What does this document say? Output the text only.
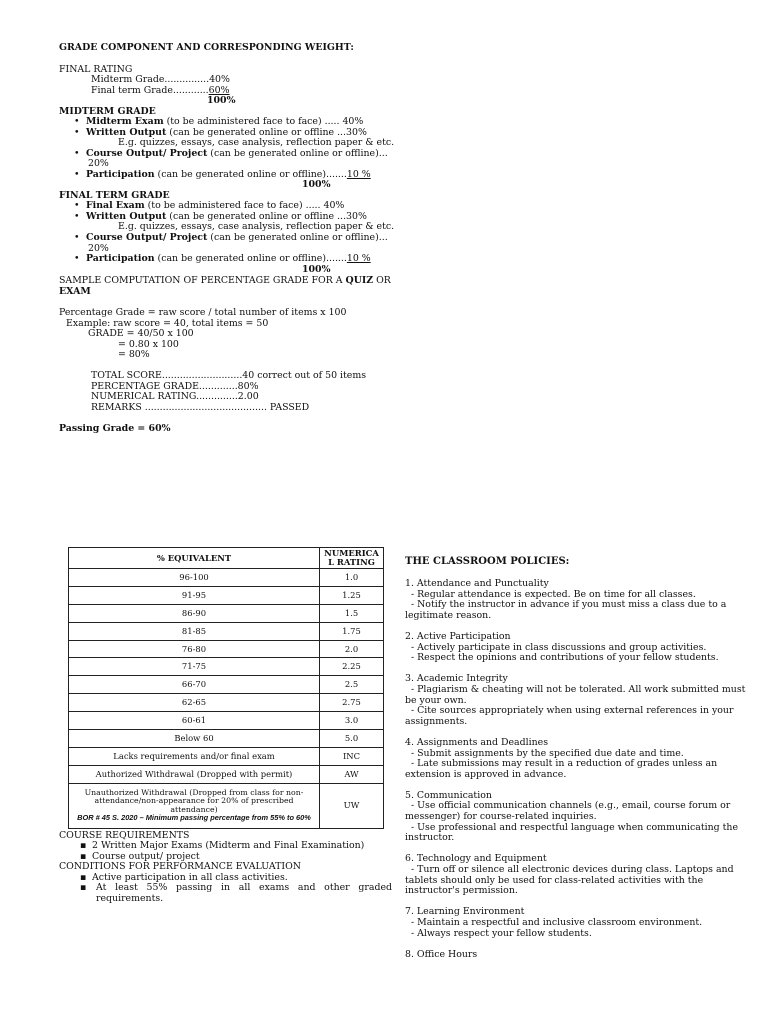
GRADE COMPONENT AND CORRESPONDING WEIGHT:
FINAL RATING
Midterm Grade...............40%
Final term Grade............60%
100%
MIDTERM GRADE
• Midterm Exam (to be administered face to face) ..... 40%
• Written Output (can be generated online or offline ...30%
E.g. quizzes, essays, case analysis, reflection paper & etc.
• Course Output/ Project (can be generated online or offline)...
20%
• Participation (can be generated online or offline).......10 %
100%
FINAL TERM GRADE
• Final Exam (to be administered face to face) ..... 40%
• Written Output (can be generated online or offline ...30%
E.g. quizzes, essays, case analysis, reflection paper & etc.
• Course Output/ Project (can be generated online or offline)...
20%
• Participation (can be generated online or offline).......10 %
100%
SAMPLE COMPUTATION OF PERCENTAGE GRADE FOR A QUIZ OR
EXAM
Percentage Grade = raw score / total number of items x 100
Example: raw score = 40, total items = 50
GRADE = 40/50 x 100
= 0.80 x 100
= 80%
TOTAL SCORE...........................40 correct out of 50 items
PERCENTAGE GRADE.............80%
NUMERICAL RATING..............2.00
REMARKS ......................................... PASSED
Passing Grade = 60%
% EQUIVALENT	NUMERICA
L RATING
96-100	1.0
91-95	1.25
86-90	1.5
81-85	1.75
76-80	2.0
71-75	2.25
66-70	2.5
62-65	2.75
60-61	3.0
Below 60	5.0
Lacks requirements and/or final exam	INC
Authorized Withdrawal (Dropped with permit)	AW

Unauthorized Withdrawal (Dropped from class for non-attendance/non-appearance for 20% of prescribed attendance)
BOR # 45 S. 2020 – Minimum passing percentage from 55% to 60%	UW
COURSE REQUIREMENTS
▪ 2 Written Major Exams (Midterm and Final Examination)
▪ Course output/ project
CONDITIONS FOR PERFORMANCE EVALUATION
▪ Active participation in all class activities.
▪	At least 55% passing in all exams and other graded requirements.
THE CLASSROOM POLICIES:
1. Attendance and Punctuality
- Regular attendance is expected. Be on time for all classes.
- Notify the instructor in advance if you must miss a class due to a
legitimate reason.
2. Active Participation
- Actively participate in class discussions and group activities.
- Respect the opinions and contributions of your fellow students.
3. Academic Integrity
- Plagiarism & cheating will not be tolerated. All work submitted must
be your own.
- Cite sources appropriately when using external references in your
assignments.
4. Assignments and Deadlines
- Submit assignments by the specified due date and time.
- Late submissions may result in a reduction of grades unless an
extension is approved in advance.
5. Communication
- Use official communication channels (e.g., email, course forum or
messenger) for course-related inquiries.
- Use professional and respectful language when communicating the
instructor.
6. Technology and Equipment
- Turn off or silence all electronic devices during class. Laptops and
tablets should only be used for class-related activities with the
instructor's permission.
7. Learning Environment
- Maintain a respectful and inclusive classroom environment.
- Always respect your fellow students.
8. Office Hours
